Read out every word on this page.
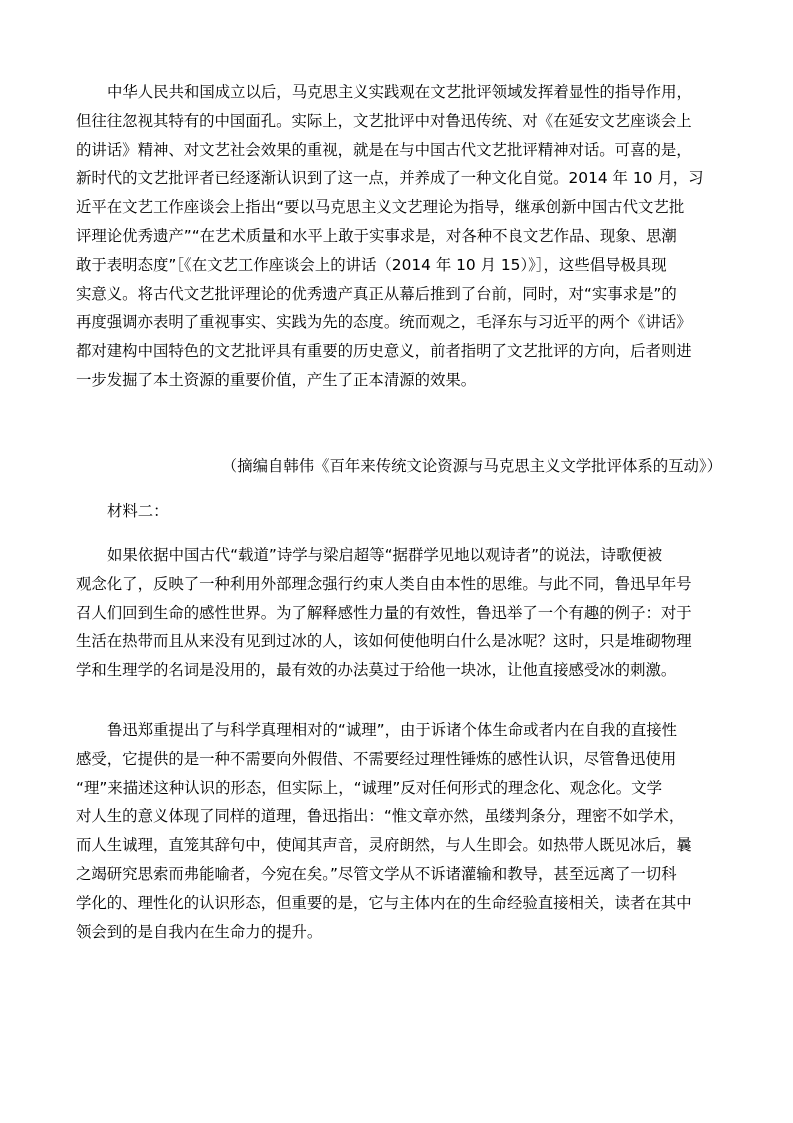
中华人民共和国成立以后，马克思主义实践观在文艺批评领域发挥着显性的指导作用，
但往往忽视其特有的中国面孔。实际上，文艺批评中对鲁迅传统、对《在延安文艺座谈会上
的讲话》精神、对文艺社会效果的重视，就是在与中国古代文艺批评精神对话。可喜的是，
新时代的文艺批评者已经逐渐认识到了这一点，并养成了一种文化自觉。2014 年 10 月，习
近平在文艺工作座谈会上指出“要以马克思主义文艺理论为指导，继承创新中国古代文艺批
评理论优秀遗产”“在艺术质量和水平上敢于实事求是，对各种不良文艺作品、现象、思潮
敢于表明态度”［《在文艺工作座谈会上的讲话（2014 年 10 月 15）》］，这些倡导极具现
实意义。将古代文艺批评理论的优秀遗产真正从幕后推到了台前，同时，对“实事求是”的
再度强调亦表明了重视事实、实践为先的态度。统而观之，毛泽东与习近平的两个《讲话》
都对建构中国特色的文艺批评具有重要的历史意义，前者指明了文艺批评的方向，后者则进
一步发掘了本土资源的重要价值，产生了正本清源的效果。

（摘编自韩伟《百年来传统文论资源与马克思主义文学批评体系的互动》）

材料二：

如果依据中国古代“载道”诗学与梁启超等“据群学见地以观诗者”的说法，诗歌便被
观念化了，反映了一种利用外部理念强行约束人类自由本性的思维。与此不同，鲁迅早年号
召人们回到生命的感性世界。为了解释感性力量的有效性，鲁迅举了一个有趣的例子：对于
生活在热带而且从来没有见到过冰的人，该如何使他明白什么是冰呢？这时，只是堆砌物理
学和生理学的名词是没用的，最有效的办法莫过于给他一块冰，让他直接感受冰的刺激。
鲁迅郑重提出了与科学真理相对的“诚理”，由于诉诸个体生命或者内在自我的直接性
感受，它提供的是一种不需要向外假借、不需要经过理性锤炼的感性认识，尽管鲁迅使用
“理”来描述这种认识的形态，但实际上，“诚理”反对任何形式的理念化、观念化。文学
对人生的意义体现了同样的道理，鲁迅指出：“惟文章亦然，虽缕判条分，理密不如学术，
而人生诚理，直笼其辞句中，使闻其声音，灵府朗然，与人生即会。如热带人既见冰后，曩
之竭研究思索而弗能喻者，今宛在矣。”尽管文学从不诉诸灌输和教导，甚至远离了一切科
学化的、理性化的认识形态，但重要的是，它与主体内在的生命经验直接相关，读者在其中
领会到的是自我内在生命力的提升。
